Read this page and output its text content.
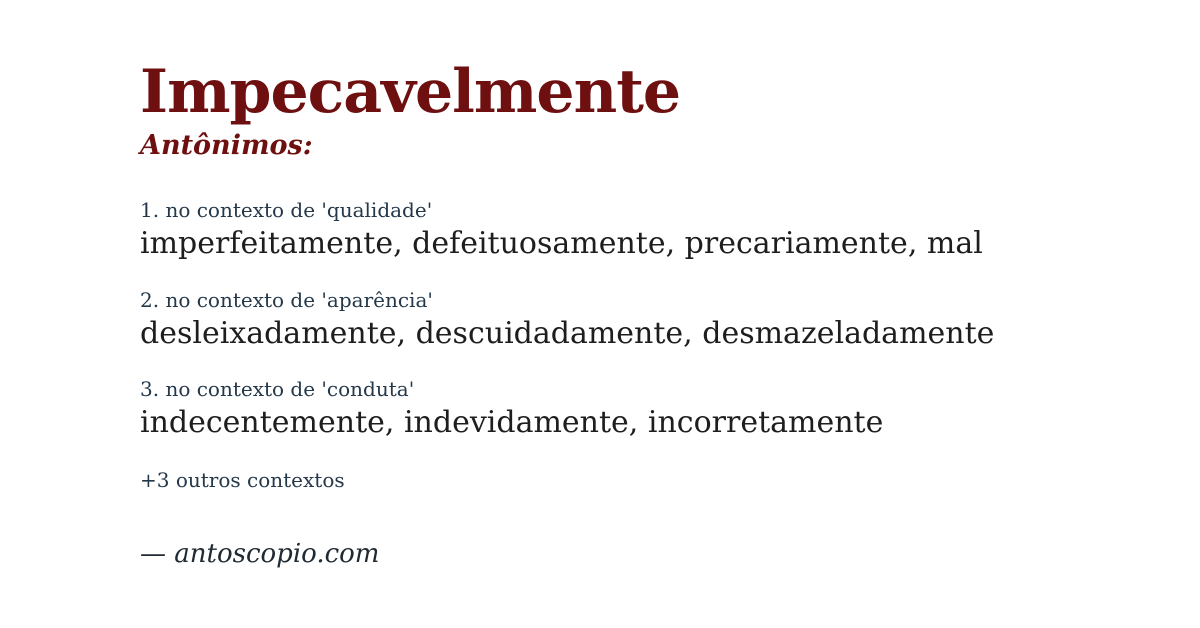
Impecavelmente
Antônimos:
1. no contexto de 'qualidade'
imperfeitamente, defeituosamente, precariamente, mal
2. no contexto de 'aparência'
desleixadamente, descuidadamente, desmazeladamente
3. no contexto de 'conduta'
indecentemente, indevidamente, incorretamente
+3 outros contextos
— antoscopio.com
